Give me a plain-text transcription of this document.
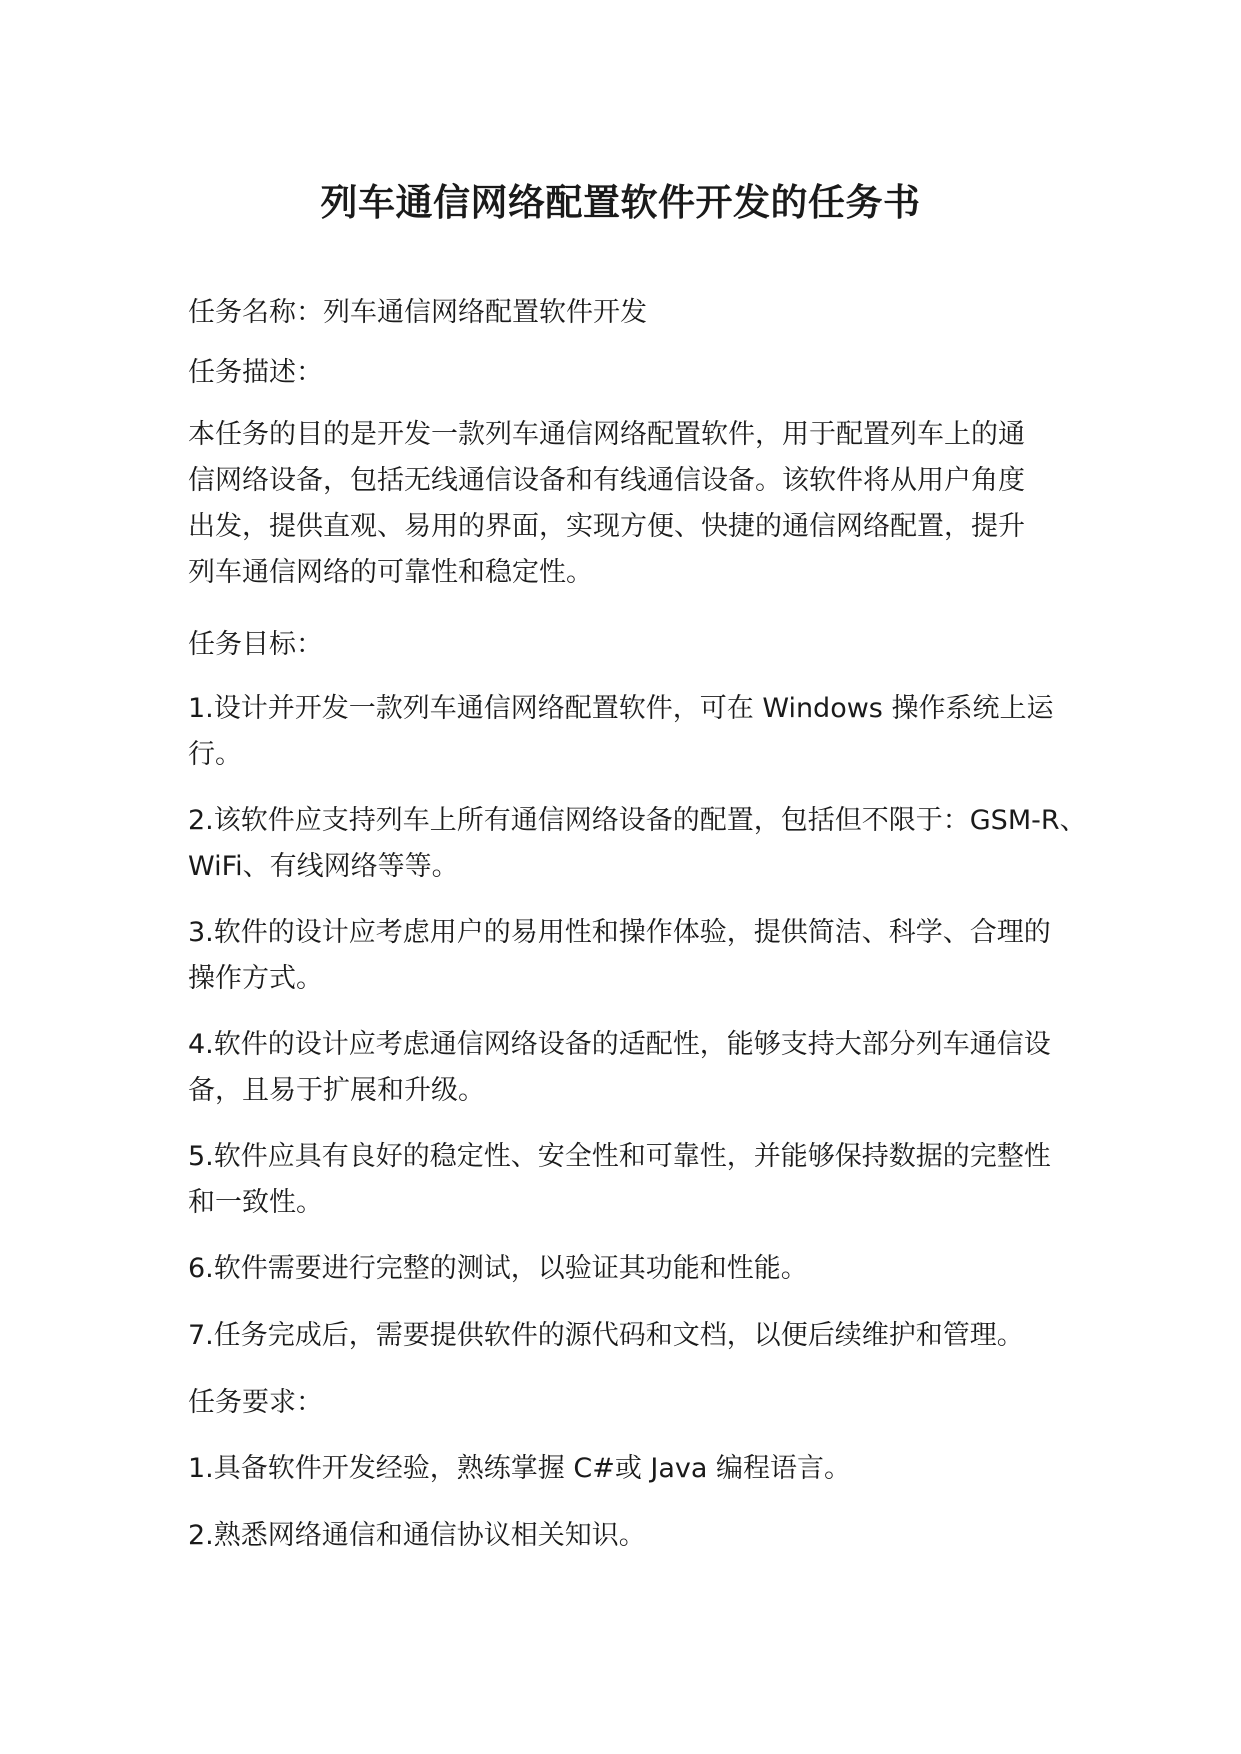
列车通信网络配置软件开发的任务书

任务名称：列车通信网络配置软件开发

任务描述：

本任务的目的是开发一款列车通信网络配置软件，用于配置列车上的通
信网络设备，包括无线通信设备和有线通信设备。该软件将从用户角度
出发，提供直观、易用的界面，实现方便、快捷的通信网络配置，提升
列车通信网络的可靠性和稳定性。

任务目标：

1.设计并开发一款列车通信网络配置软件，可在 Windows 操作系统上运
行。

2.该软件应支持列车上所有通信网络设备的配置，包括但不限于：GSM-R、
WiFi、有线网络等等。

3.软件的设计应考虑用户的易用性和操作体验，提供简洁、科学、合理的
操作方式。

4.软件的设计应考虑通信网络设备的适配性，能够支持大部分列车通信设
备，且易于扩展和升级。

5.软件应具有良好的稳定性、安全性和可靠性，并能够保持数据的完整性
和一致性。

6.软件需要进行完整的测试，以验证其功能和性能。

7.任务完成后，需要提供软件的源代码和文档，以便后续维护和管理。

任务要求：

1.具备软件开发经验，熟练掌握 C#或 Java 编程语言。

2.熟悉网络通信和通信协议相关知识。
